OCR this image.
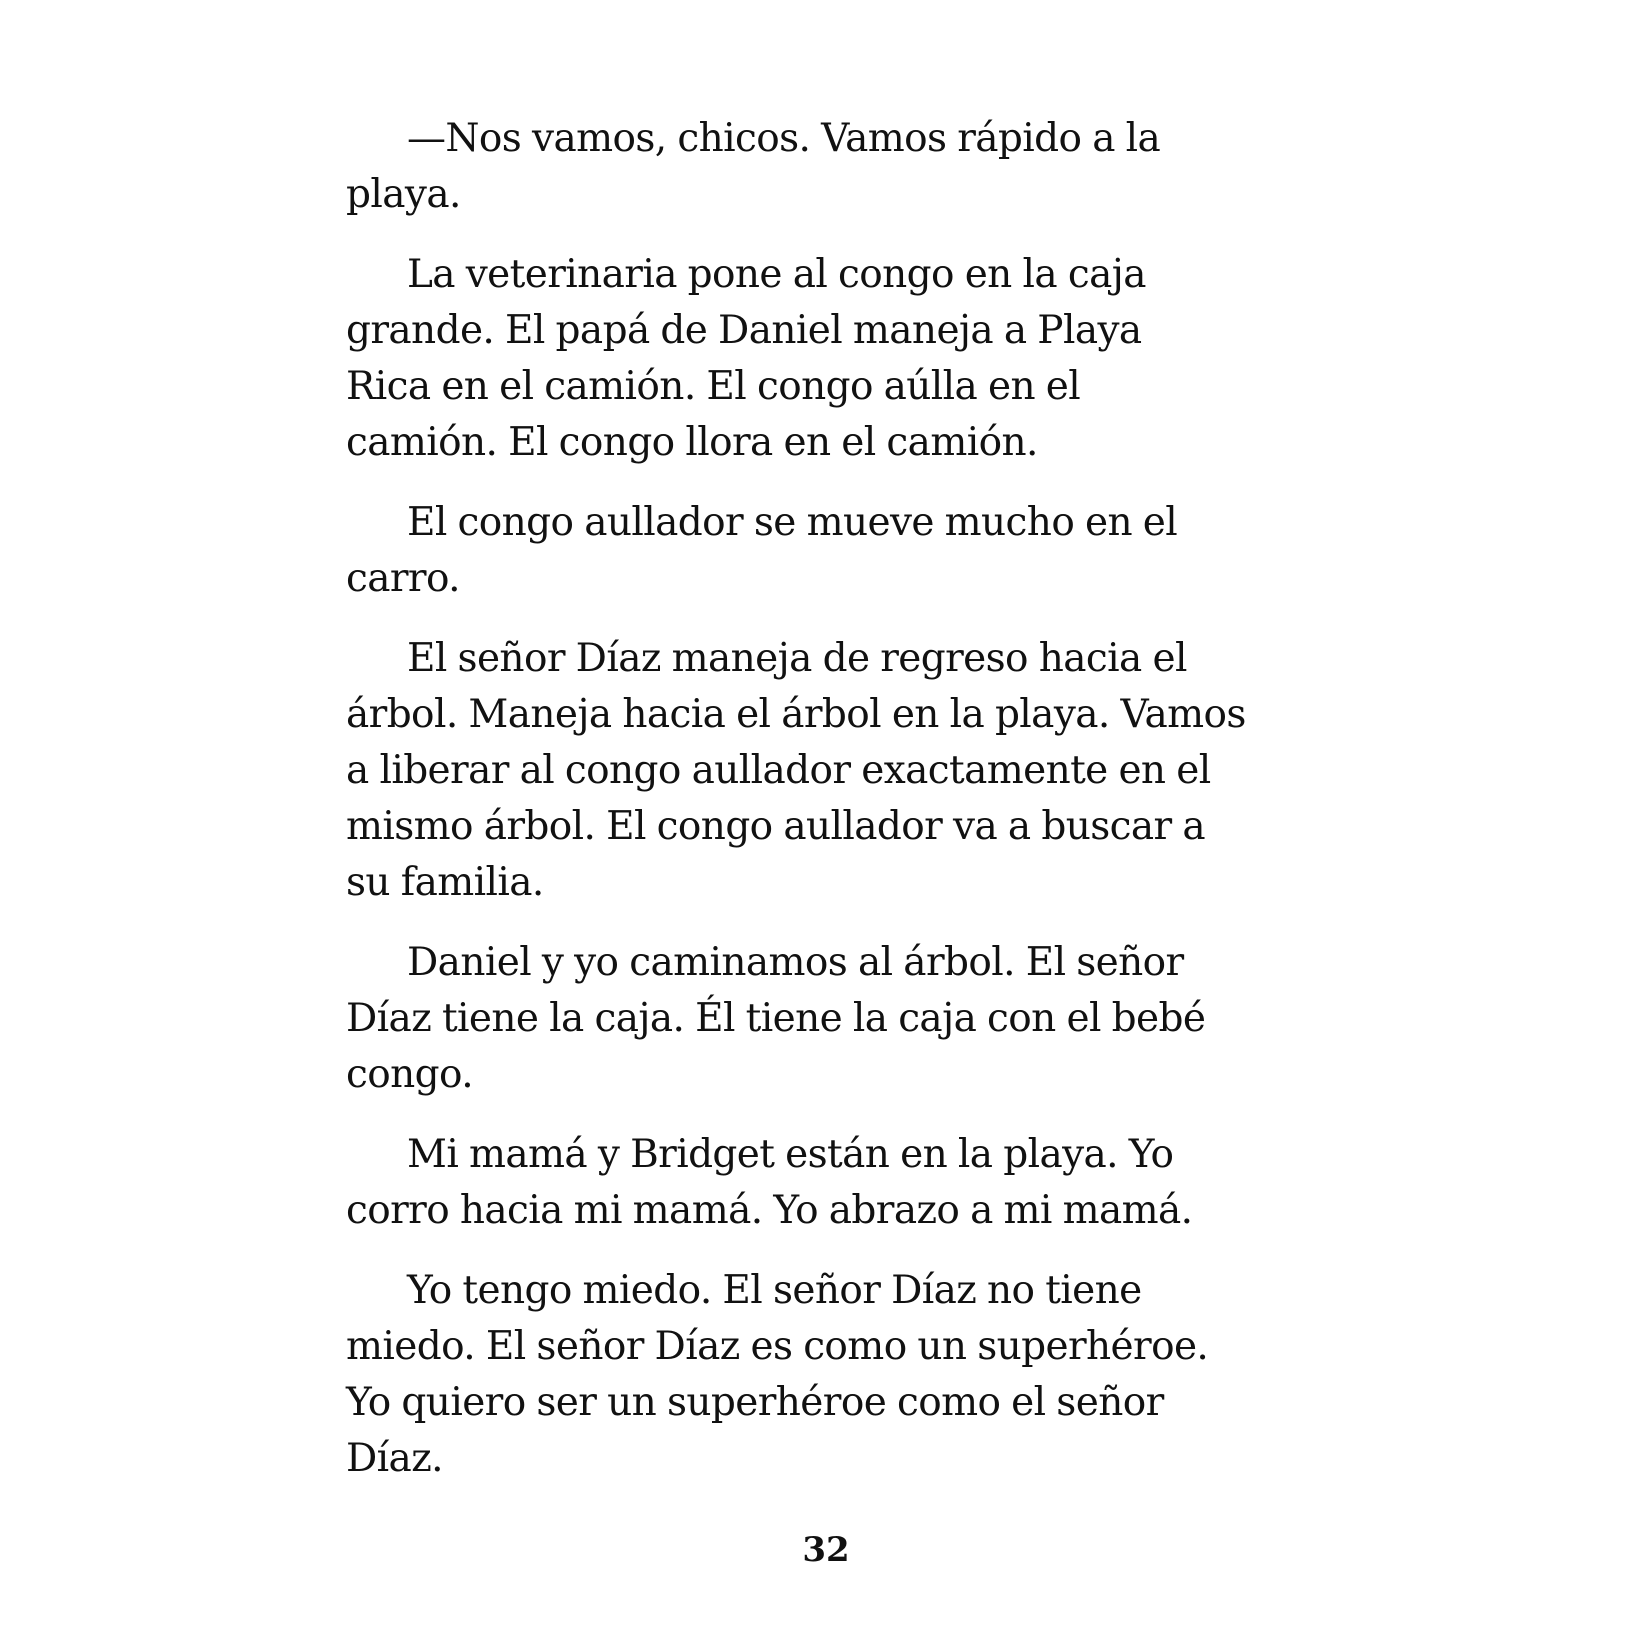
—Nos vamos, chicos. Vamos rápido a la
playa.

La veterinaria pone al congo en la caja
grande. El papá de Daniel maneja a Playa
Rica en el camión. El congo aúlla en el
camión. El congo llora en el camión.

El congo aullador se mueve mucho en el
carro.

El señor Díaz maneja de regreso hacia el
árbol. Maneja hacia el árbol en la playa. Vamos
a liberar al congo aullador exactamente en el
mismo árbol. El congo aullador va a buscar a
su familia.

Daniel y yo caminamos al árbol. El señor
Díaz tiene la caja. Él tiene la caja con el bebé
congo.

Mi mamá y Bridget están en la playa. Yo
corro hacia mi mamá. Yo abrazo a mi mamá.

Yo tengo miedo. El señor Díaz no tiene
miedo. El señor Díaz es como un superhéroe.
Yo quiero ser un superhéroe como el señor
Díaz.

32
